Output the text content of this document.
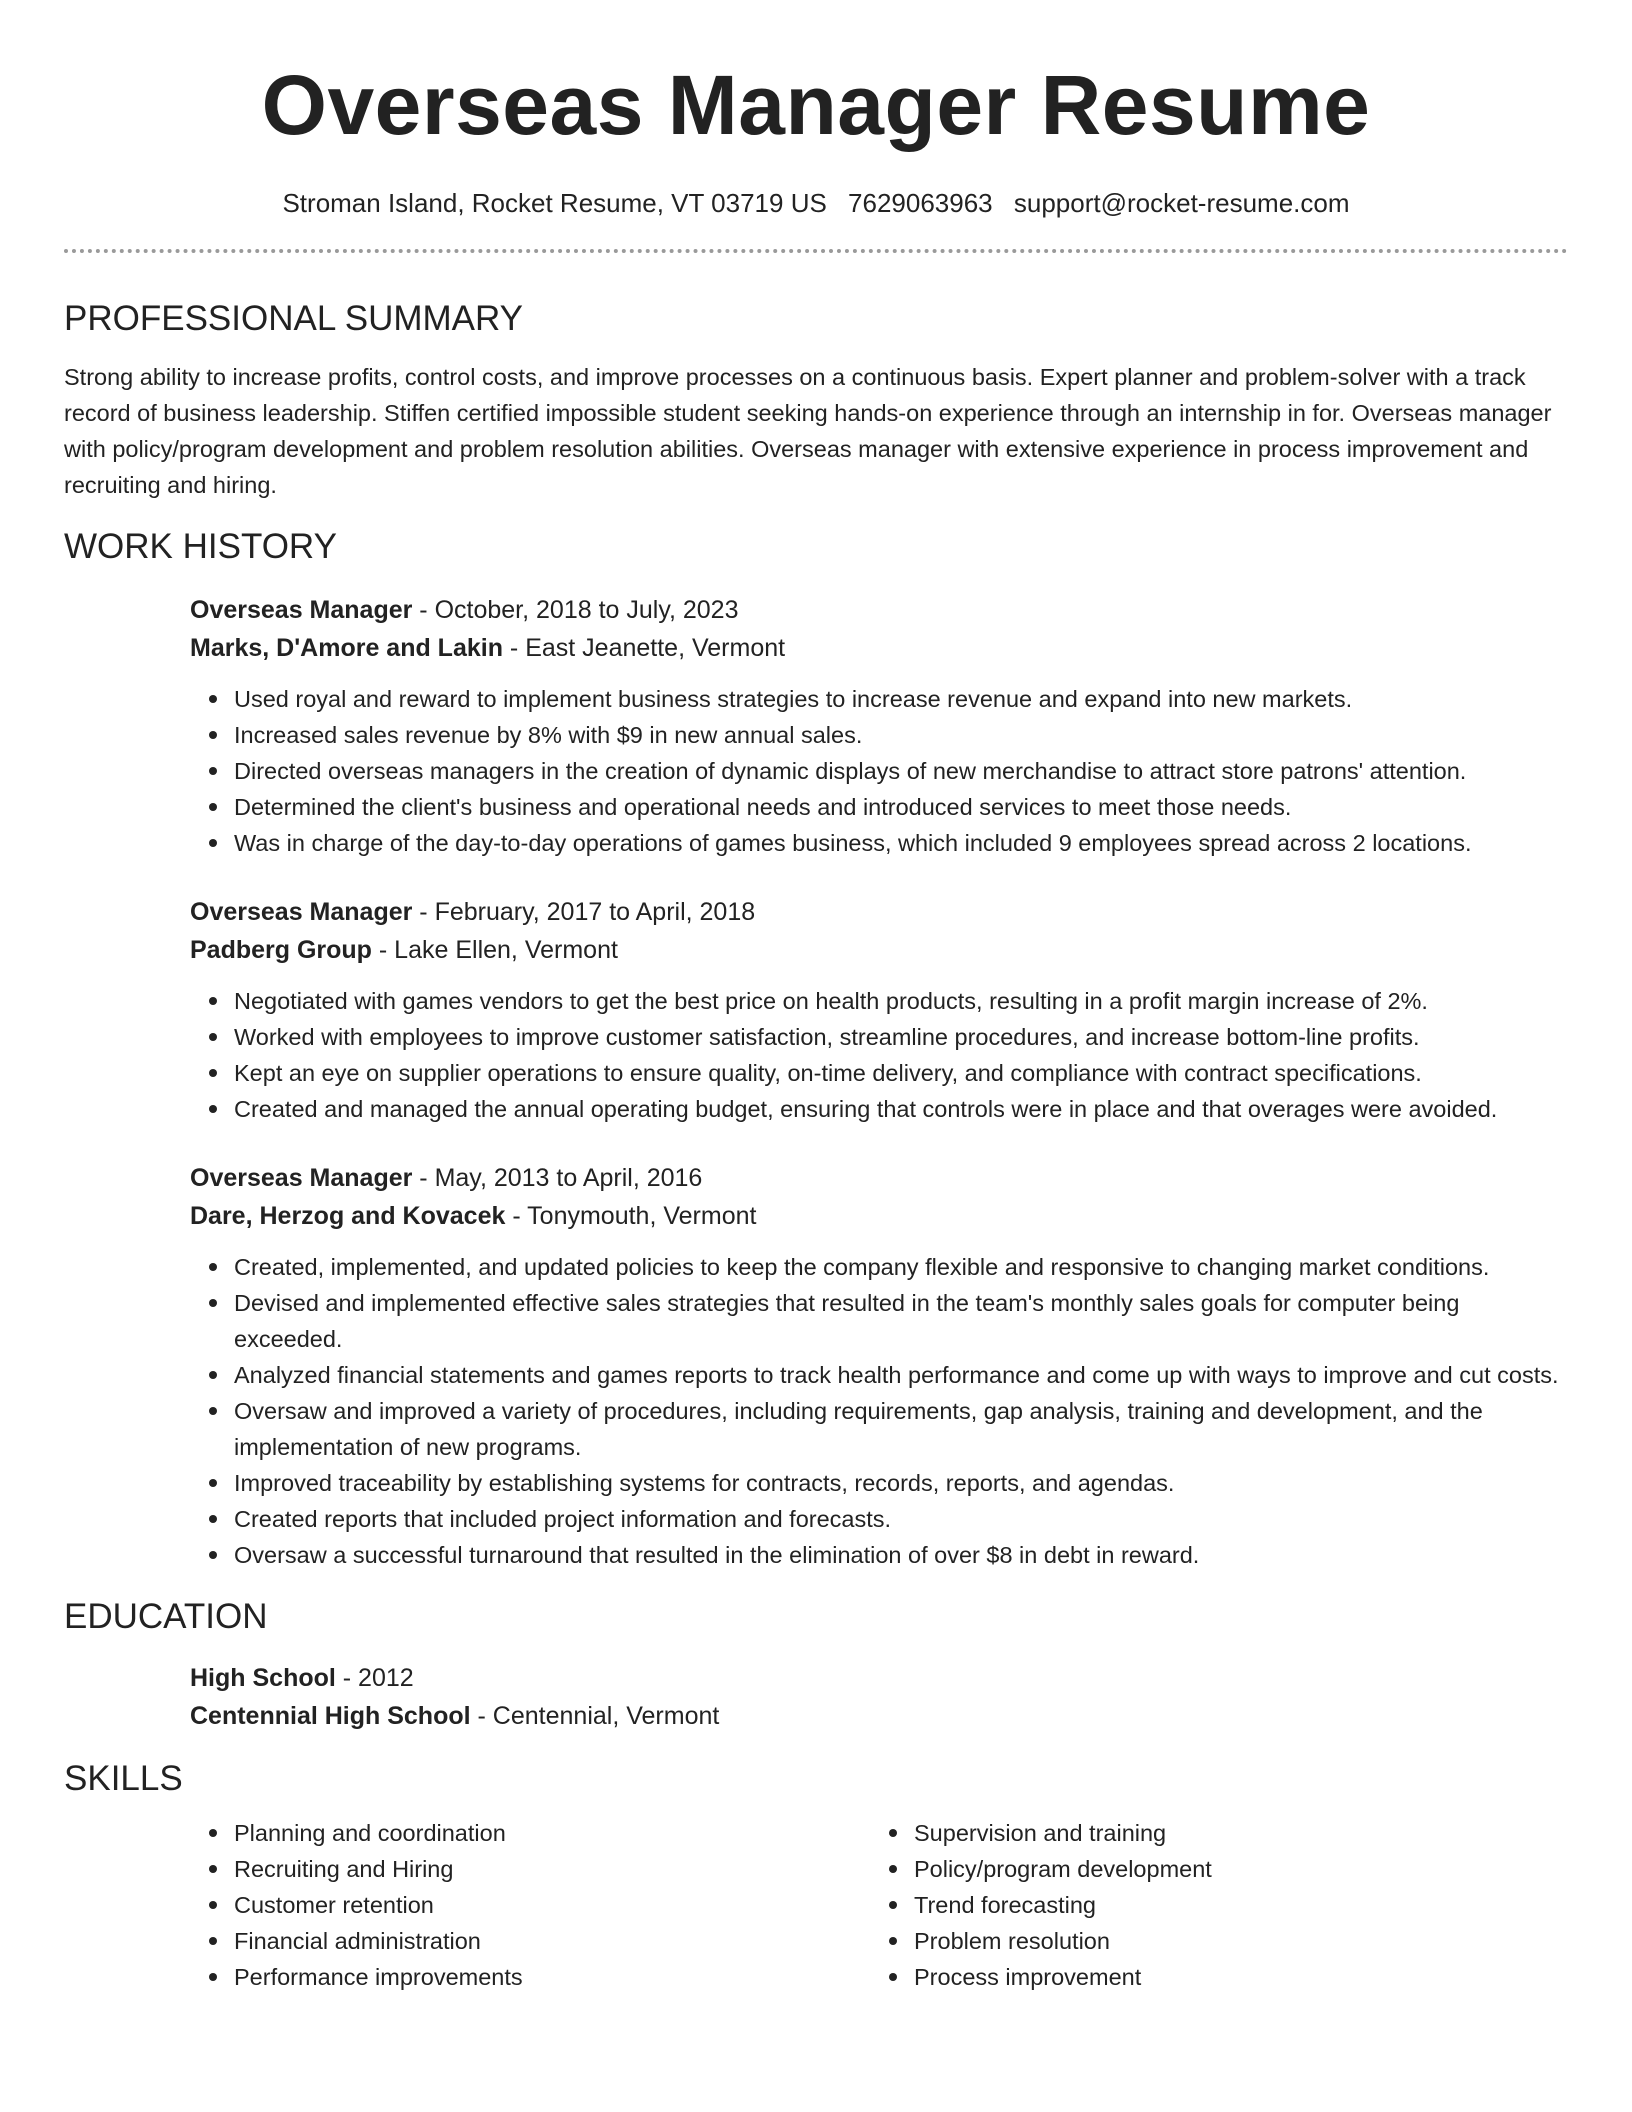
Overseas Manager Resume
Stroman Island, Rocket Resume, VT 03719 US 7629063963 support@rocket-resume.com
PROFESSIONAL SUMMARY

Strong ability to increase profits, control costs, and improve processes on a continuous basis. Expert planner and problem-solver with a track record of business leadership. Stiffen certified impossible student seeking hands-on experience through an internship in for. Overseas manager with policy/program development and problem resolution abilities. Overseas manager with extensive experience in process improvement and recruiting and hiring.

WORK HISTORY
Overseas Manager - October, 2018 to July, 2023
Marks, D'Amore and Lakin - East Jeanette, Vermont
Used royal and reward to implement business strategies to increase revenue and expand into new markets.
Increased sales revenue by 8% with $9 in new annual sales.
Directed overseas managers in the creation of dynamic displays of new merchandise to attract store patrons' attention.
Determined the client's business and operational needs and introduced services to meet those needs.
Was in charge of the day-to-day operations of games business, which included 9 employees spread across 2 locations.
Overseas Manager - February, 2017 to April, 2018
Padberg Group - Lake Ellen, Vermont
Negotiated with games vendors to get the best price on health products, resulting in a profit margin increase of 2%.
Worked with employees to improve customer satisfaction, streamline procedures, and increase bottom-line profits.
Kept an eye on supplier operations to ensure quality, on-time delivery, and compliance with contract specifications.
Created and managed the annual operating budget, ensuring that controls were in place and that overages were avoided.
Overseas Manager - May, 2013 to April, 2016
Dare, Herzog and Kovacek - Tonymouth, Vermont
Created, implemented, and updated policies to keep the company flexible and responsive to changing market conditions.
Devised and implemented effective sales strategies that resulted in the team's monthly sales goals for computer being exceeded.
Analyzed financial statements and games reports to track health performance and come up with ways to improve and cut costs.
Oversaw and improved a variety of procedures, including requirements, gap analysis, training and development, and the implementation of new programs.
Improved traceability by establishing systems for contracts, records, reports, and agendas.
Created reports that included project information and forecasts.
Oversaw a successful turnaround that resulted in the elimination of over $8 in debt in reward.
EDUCATION
High School - 2012
Centennial High School - Centennial, Vermont
SKILLS
Planning and coordination
Recruiting and Hiring
Customer retention
Financial administration
Performance improvements
Supervision and training
Policy/program development
Trend forecasting
Problem resolution
Process improvement
